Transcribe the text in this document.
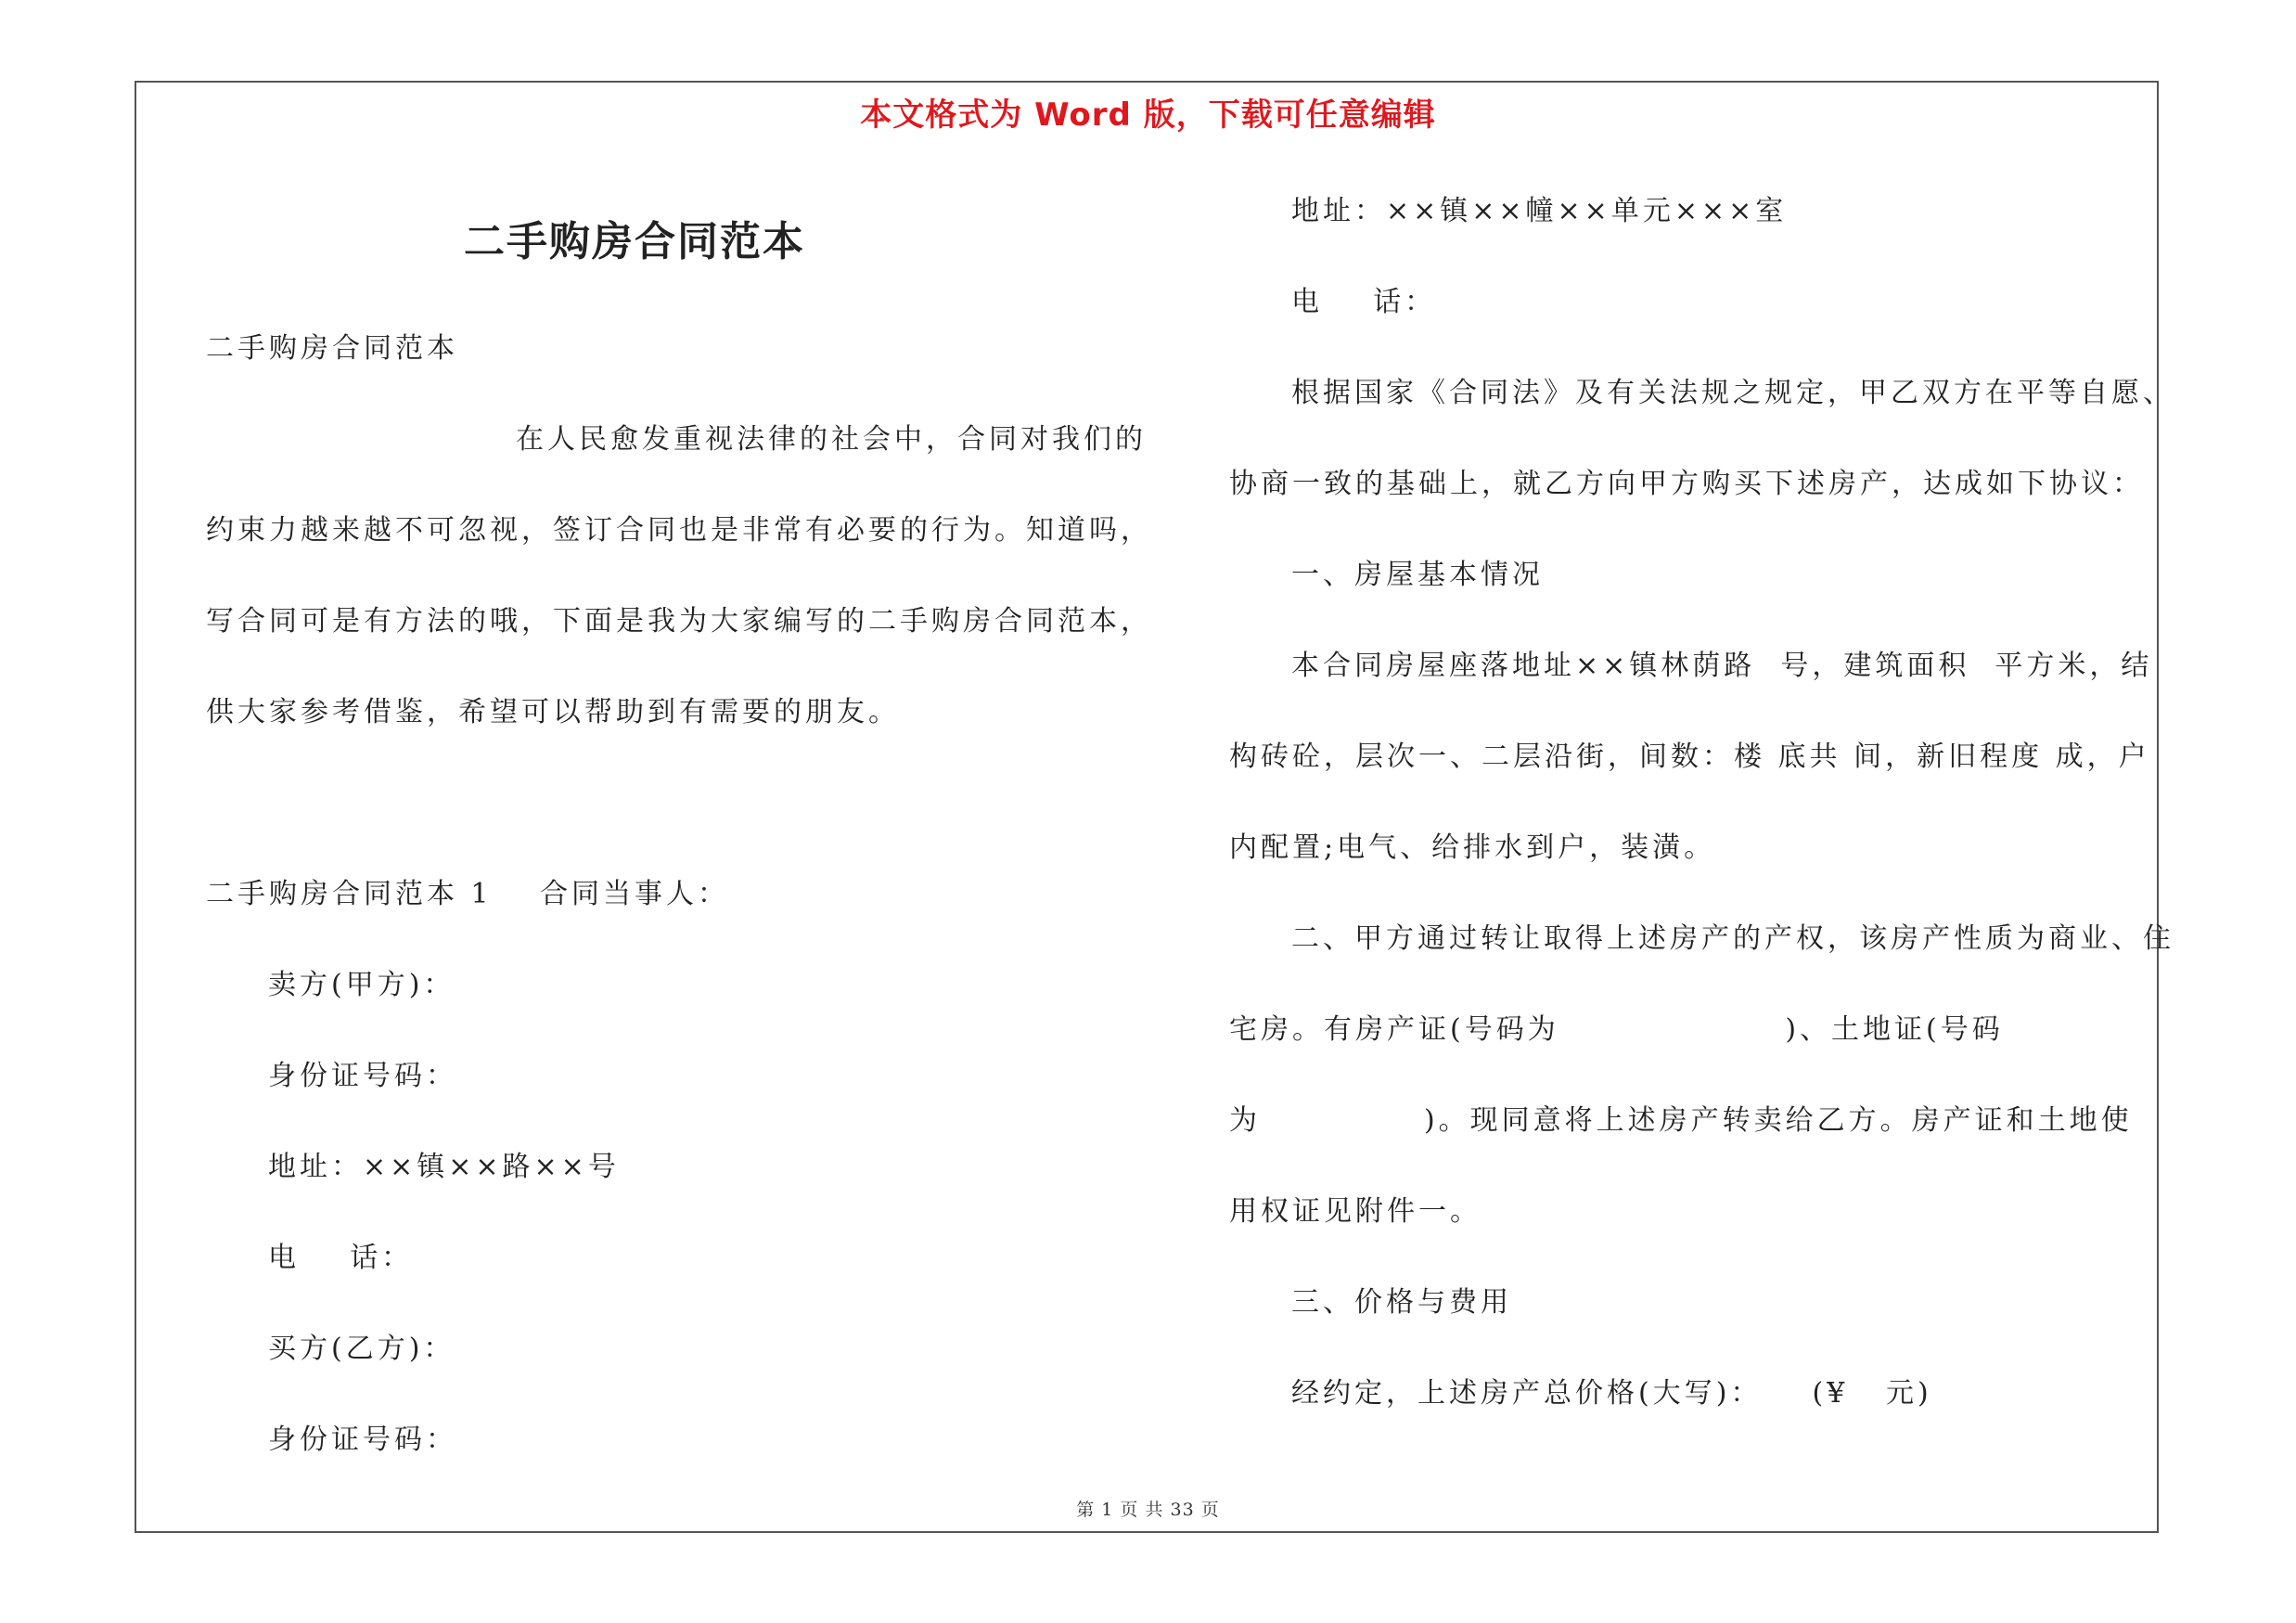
本文格式为 Word 版，下载可任意编辑
二手购房合同范本
二手购房合同范本
在人民愈发重视法律的社会中，合同对我们的
约束力越来越不可忽视，签订合同也是非常有必要的行为。知道吗，
写合同可是有方法的哦，下面是我为大家编写的二手购房合同范本，
供大家参考借鉴，希望可以帮助到有需要的朋友。
二手购房合同范本 1 合同当事人：
卖方(甲方)：
身份证号码：
地址：××镇××路××号
电    话：
买方(乙方)：
身份证号码：
地址：××镇××幢××单元×××室
电    话：
根据国家《合同法》及有关法规之规定，甲乙双方在平等自愿、
协商一致的基础上，就乙方向甲方购买下述房产，达成如下协议：
一、房屋基本情况
本合同房屋座落地址××镇林荫路  号，建筑面积  平方米，结
构砖砼，层次一、二层沿街，间数：楼 底共 间，新旧程度 成，户
内配置;电气、给排水到户，装潢。
二、甲方通过转让取得上述房产的产权，该房产性质为商业、住
宅房。有房产证(号码为                  )、土地证(号码
为             )。现同意将上述房产转卖给乙方。房产证和土地使
用权证见附件一。
三、价格与费用
经约定，上述房产总价格(大写)：    (¥   元)
第 1 页 共 33 页
